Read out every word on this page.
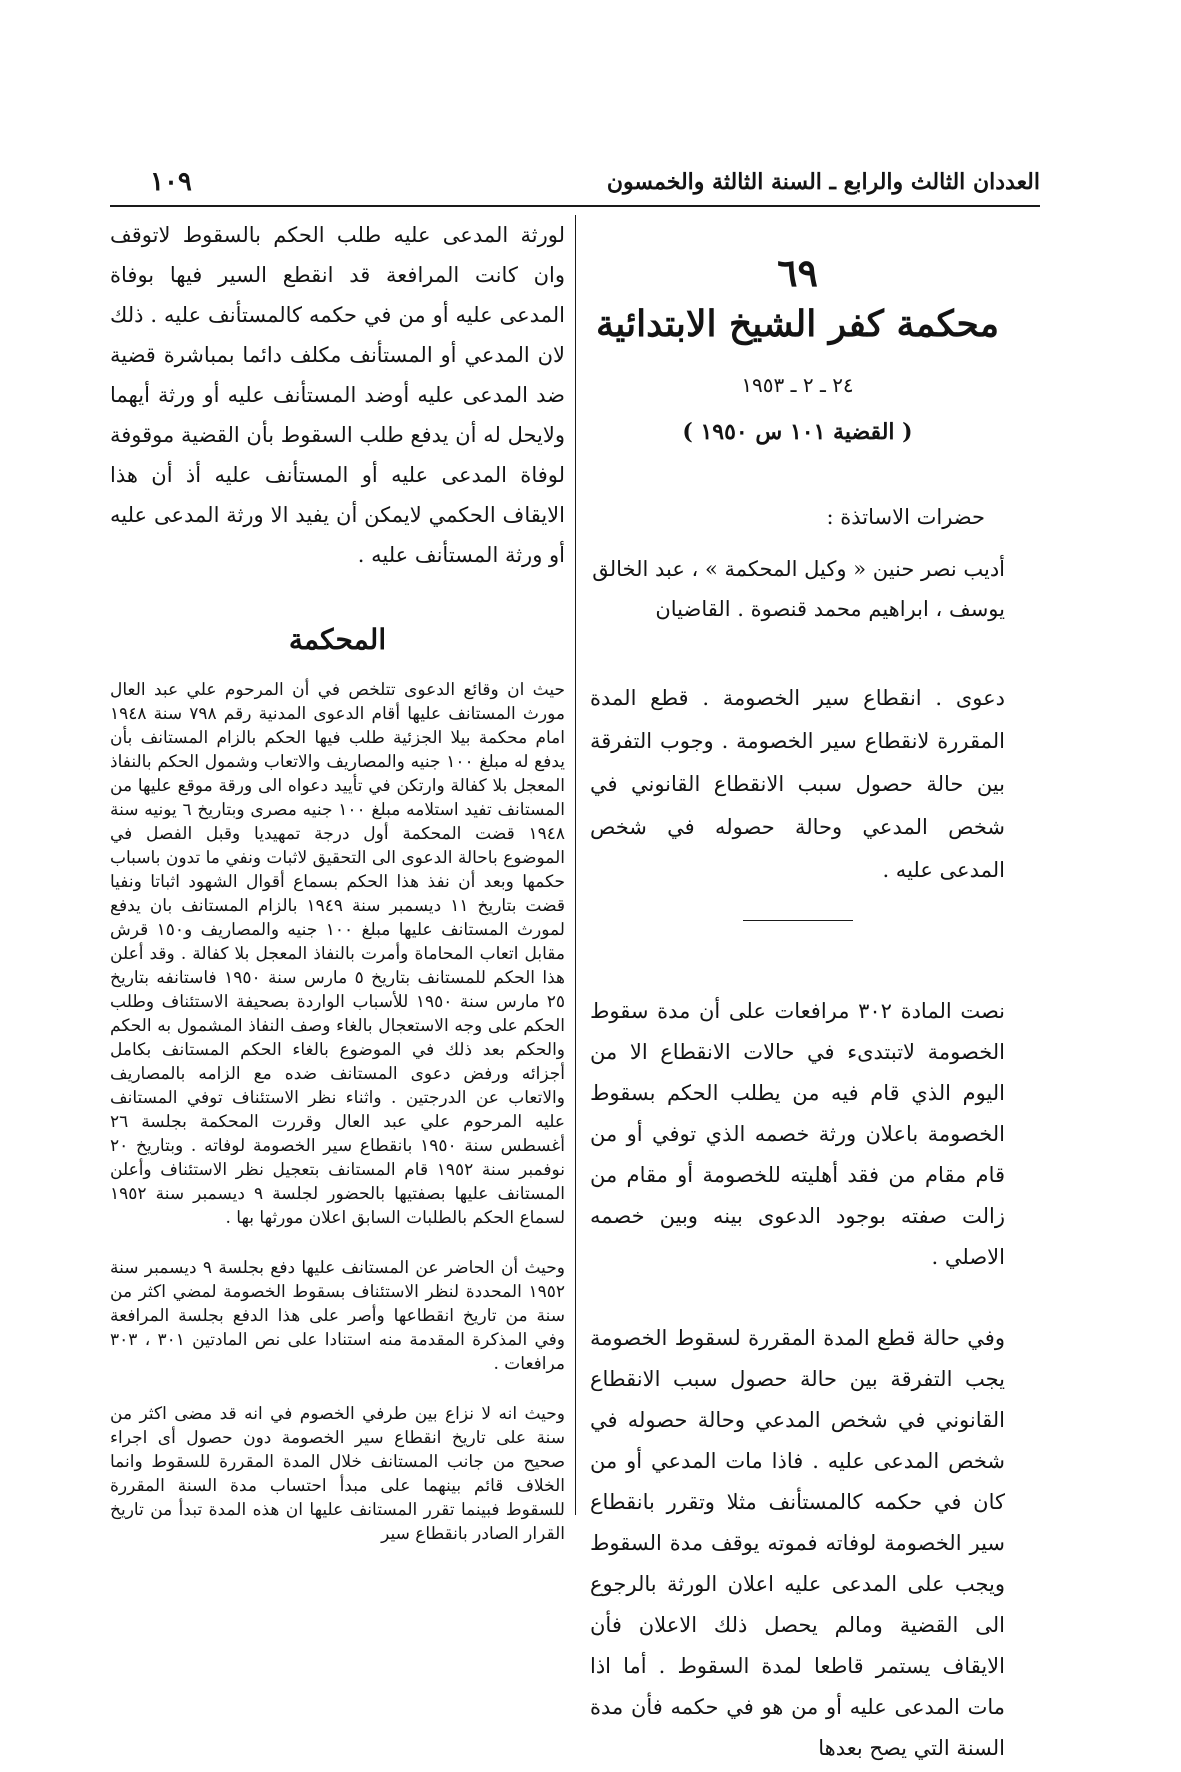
العددان الثالث والرابع ـ السنة الثالثة والخمسون
١٠٩
٦٩
محكمة كفر الشيخ الابتدائية
٢٤ ـ ٢ ـ ١٩٥٣
( القضية ١٠١ س ١٩٥٠ )
حضرات الاساتذة :
أديب نصر حنين « وكيل المحكمة » ، عبد الخالق
يوسف ، ابراهيم محمد قنصوة . القاضيان
دعوى . انقطاع سير الخصومة . قطع المدة المقررة لانقطاع سير الخصومة . وجوب التفرقة بين حالة حصول سبب الانقطاع القانوني في شخص المدعي وحالة حصوله في شخص المدعى عليه .
نصت المادة ٣٠٢ مرافعات على أن مدة سقوط الخصومة لاتبتدىء في حالات الانقطاع الا من اليوم الذي قام فيه من يطلب الحكم بسقوط الخصومة باعلان ورثة خصمه الذي توفي أو من قام مقام من فقد أهليته للخصومة أو مقام من زالت صفته بوجود الدعوى بينه وبين خصمه الاصلي .
وفي حالة قطع المدة المقررة لسقوط الخصومة يجب التفرقة بين حالة حصول سبب الانقطاع القانوني في شخص المدعي وحالة حصوله في شخص المدعى عليه . فاذا مات المدعي أو من كان في حكمه كالمستأنف مثلا وتقرر بانقطاع سير الخصومة لوفاته فموته يوقف مدة السقوط ويجب على المدعى عليه اعلان الورثة بالرجوع الى القضية ومالم يحصل ذلك الاعلان فأن الايقاف يستمر قاطعا لمدة السقوط . أما اذا مات المدعى عليه أو من هو في حكمه فأن مدة السنة التي يصح بعدها
لورثة المدعى عليه طلب الحكم بالسقوط لاتوقف وان كانت المرافعة قد انقطع السير فيها بوفاة المدعى عليه أو من في حكمه كالمستأنف عليه . ذلك لان المدعي أو المستأنف مكلف دائما بمباشرة قضية ضد المدعى عليه أوضد المستأنف عليه أو ورثة أيهما ولايحل له أن يدفع طلب السقوط بأن القضية موقوفة لوفاة المدعى عليه أو المستأنف عليه أذ أن هذا الايقاف الحكمي لايمكن أن يفيد الا ورثة المدعى عليه أو ورثة المستأنف عليه .
المحكمة
حيث ان وقائع الدعوى تتلخص في أن المرحوم علي عبد العال مورث المستانف عليها أقام الدعوى المدنية رقم ٧٩٨ سنة ١٩٤٨ امام محكمة بيلا الجزئية طلب فيها الحكم بالزام المستانف بأن يدفع له مبلغ ١٠٠ جنيه والمصاريف والاتعاب وشمول الحكم بالنفاذ المعجل بلا كفالة وارتكن في تأييد دعواه الى ورقة موقع عليها من المستانف تفيد استلامه مبلغ ١٠٠ جنيه مصرى وبتاريخ ٦ يونيه سنة ١٩٤٨ قضت المحكمة أول درجة تمهيديا وقبل الفصل في الموضوع باحالة الدعوى الى التحقيق لاثبات ونفي ما تدون باسباب حكمها وبعد أن نفذ هذا الحكم بسماع أقوال الشهود اثباتا ونفيا قضت بتاريخ ١١ ديسمبر سنة ١٩٤٩ بالزام المستانف بان يدفع لمورث المستانف عليها مبلغ ١٠٠ جنيه والمصاريف و١٥٠ قرش مقابل اتعاب المحاماة وأمرت بالنفاذ المعجل بلا كفالة . وقد أعلن هذا الحكم للمستانف بتاريخ ٥ مارس سنة ١٩٥٠ فاستانفه بتاريخ ٢٥ مارس سنة ١٩٥٠ للأسباب الواردة بصحيفة الاستئناف وطلب الحكم على وجه الاستعجال بالغاء وصف النفاذ المشمول به الحكم والحكم بعد ذلك في الموضوع بالغاء الحكم المستانف بكامل أجزائه ورفض دعوى المستانف ضده مع الزامه بالمصاريف والاتعاب عن الدرجتين . واثناء نظر الاستئناف توفي المستانف عليه المرحوم علي عبد العال وقررت المحكمة بجلسة ٢٦ أغسطس سنة ١٩٥٠ بانقطاع سير الخصومة لوفاته . وبتاريخ ٢٠ نوفمبر سنة ١٩٥٢ قام المستانف بتعجيل نظر الاستئناف وأعلن المستانف عليها بصفتيها بالحضور لجلسة ٩ ديسمبر سنة ١٩٥٢ لسماع الحكم بالطلبات السابق اعلان مورثها بها .
وحيث أن الحاضر عن المستانف عليها دفع بجلسة ٩ ديسمبر سنة ١٩٥٢ المحددة لنظر الاستئناف بسقوط الخصومة لمضي اكثر من سنة من تاريخ انقطاعها وأصر على هذا الدفع بجلسة المرافعة وفي المذكرة المقدمة منه استنادا على نص المادتين ٣٠١ ، ٣٠٣ مرافعات .
وحيث انه لا نزاع بين طرفي الخصوم في انه قد مضى اكثر من سنة على تاريخ انقطاع سير الخصومة دون حصول أى اجراء صحيح من جانب المستانف خلال المدة المقررة للسقوط وانما الخلاف قائم بينهما على مبدأ احتساب مدة السنة المقررة للسقوط فبينما تقرر المستانف عليها ان هذه المدة تبدأ من تاريخ القرار الصادر بانقطاع سير
